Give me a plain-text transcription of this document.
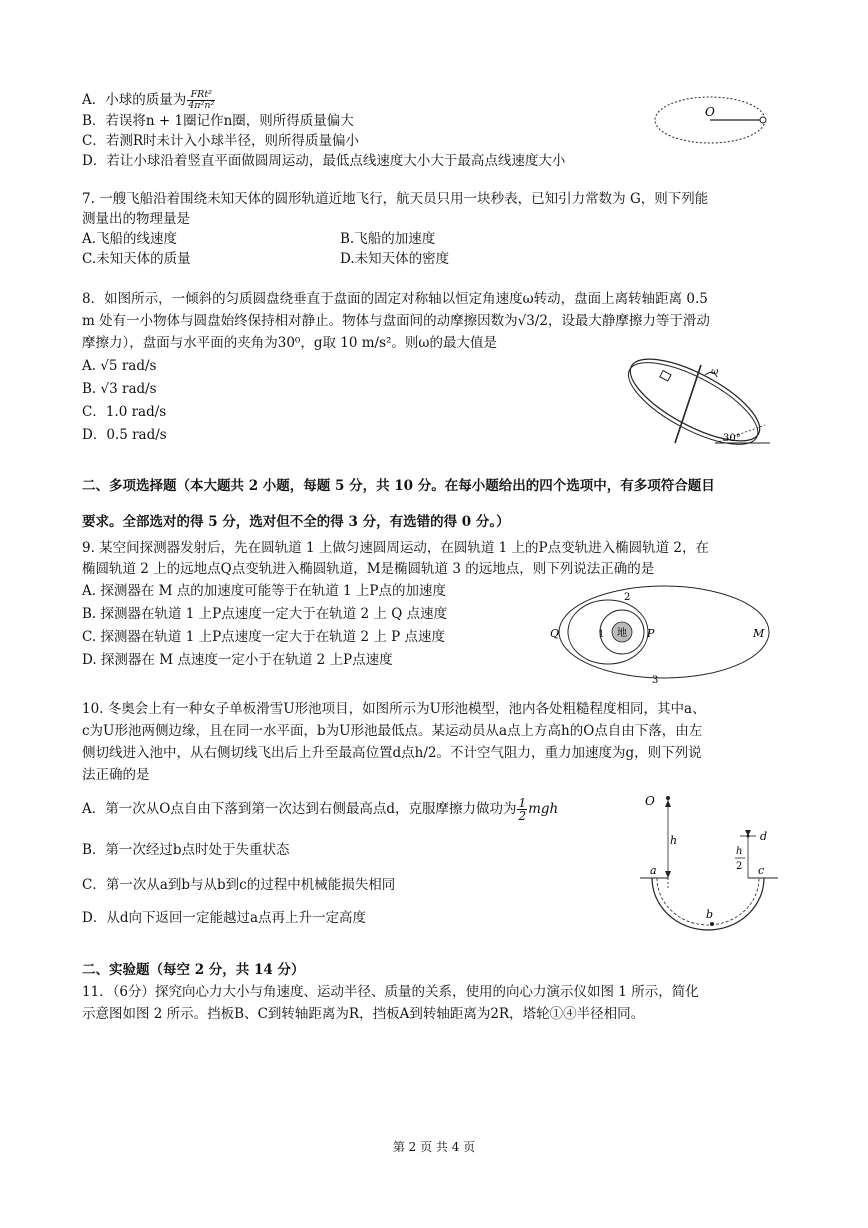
A．小球的质量为 $\frac{\text{FRt²}}{\text{4π²n²}}$
B．若误将n + 1圈记作n圈，则所得质量偏大
C．若测R时未计入小球半径，则所得质量偏小
D．若让小球沿着竖直平面做圆周运动，最低点线速度大小大于最高点线速度大小
O
7. 一艘飞船沿着围绕未知天体的圆形轨道近地飞行，航天员只用一块秒表，已知引力常数为 G，则下列能
测量出的物理量是
A.飞船的线速度	B.飞船的加速度
C.未知天体的质量	D.未知天体的密度
8．如图所示，一倾斜的匀质圆盘绕垂直于盘面的固定对称轴以恒定角速度ω转动，盘面上离转轴距离 0.5
m 处有一小物体与圆盘始终保持相对静止。物体与盘面间的动摩擦因数为√3/2，设最大静摩擦力等于滑动
摩擦力），盘面与水平面的夹角为30⁰，g取 10 m/s²。则ω的最大值是
A. √5 rad/s
B. √3 rad/s
C．1.0 rad/s
D．0.5 rad/s
ω
30°
二、多项选择题（本大题共 2 小题，每题 5 分，共 10 分。在每小题给出的四个选项中，有多项符合题目
要求。全部选对的得 5 分，选对但不全的得 3 分，有选错的得 0 分。）
9. 某空间探测器发射后，先在圆轨道 1 上做匀速圆周运动，在圆轨道 1 上的P点变轨进入椭圆轨道 2，在
椭圆轨道 2 上的远地点Q点变轨进入椭圆轨道，M是椭圆轨道 3 的远地点，则下列说法正确的是
A. 探测器在 M 点的加速度可能等于在轨道 1 上P点的加速度
B. 探测器在轨道 1 上P点速度一定大于在轨道 2 上 Q 点速度
C. 探测器在轨道 1 上P点速度一定大于在轨道 2 上 P 点速度
D. 探测器在 M 点速度一定小于在轨道 2 上P点速度
地
Q	1	P
2
3
M
10. 冬奥会上有一种女子单板滑雪U形池项目，如图所示为U形池模型，池内各处粗糙程度相同，其中a、
c为U形池两侧边缘，且在同一水平面，b为U形池最低点。某运动员从a点上方高h的O点自由下落，由左
侧切线进入池中，从右侧切线飞出后上升至最高位置d点h/2。不计空气阻力，重力加速度为g，则下列说
法正确的是
A．第一次从O点自由下落到第一次达到右侧最高点d，克服摩擦力做功为 $\frac{1}{2}$ mgh
B．第一次经过b点时处于失重状态
C．第一次从a到b与从b到c的过程中机械能损失相同
D．从d向下返回一定能越过a点再上升一定高度
O
h
h
2
d
a	c
b
二、实验题（每空 2 分，共 14 分）
11．（6分）探究向心力大小与角速度、运动半径、质量的关系，使用的向心力演示仪如图 1 所示，简化
示意图如图 2 所示。挡板B、C到转轴距离为R，挡板A到转轴距离为2R，塔轮①④半径相同。
第 2 页 共 4 页
